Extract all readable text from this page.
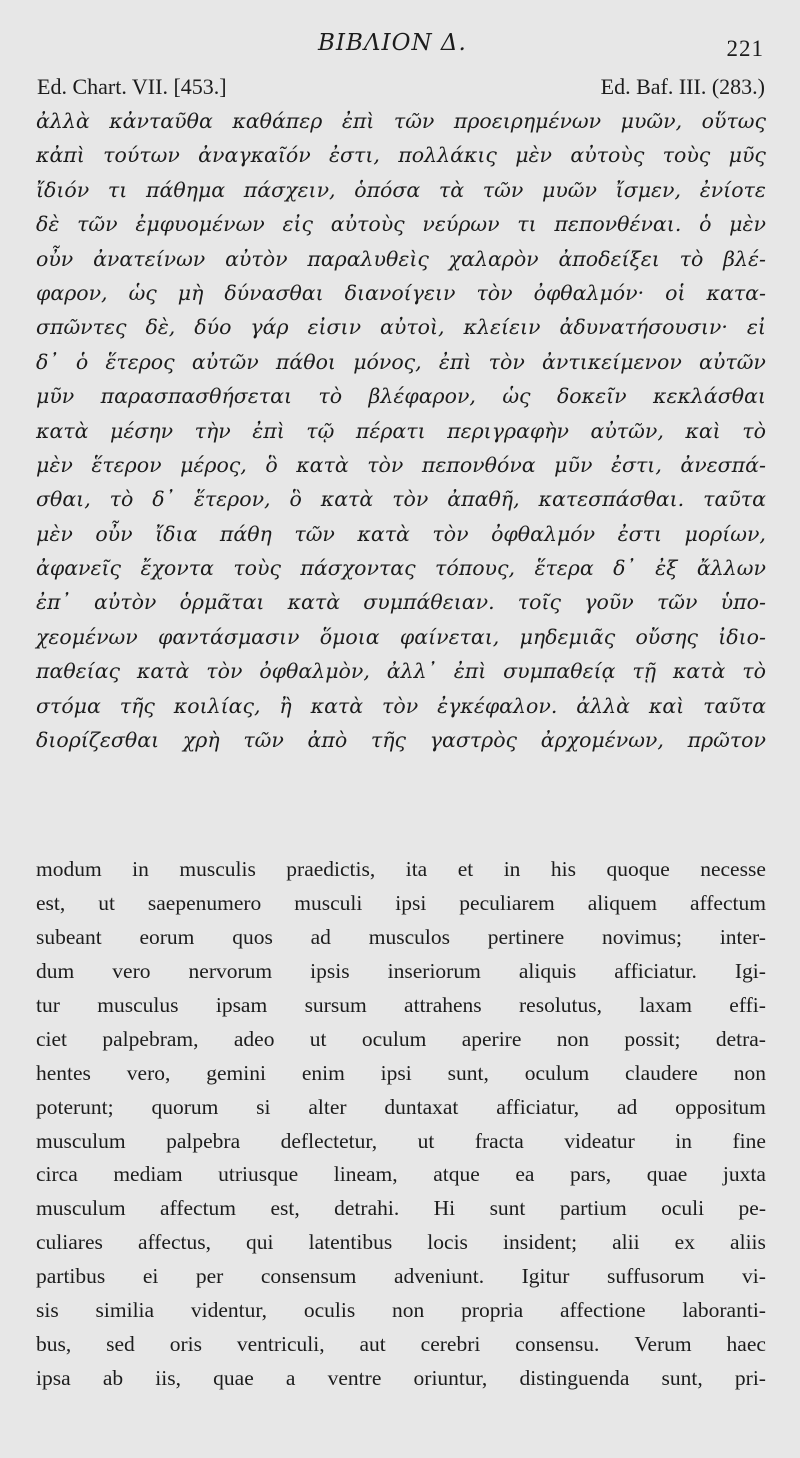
ΒΙΒΛΙΟΝ Δ.	221
Ed. Chart. VII. [453.]	Ed. Baf. III. (283.)
ἀλλὰ κἀνταῦθα καθάπερ ἐπὶ τῶν προειρημένων μυῶν, οὕτως
κἀπὶ τούτων ἀναγκαῖόν ἐστι, πολλάκις μὲν αὐτοὺς τοὺς μῦς
ἴδιόν τι πάθημα πάσχειν, ὁπόσα τὰ τῶν μυῶν ἴσμεν, ἐνίοτε
δὲ τῶν ἐμφυομένων εἰς αὐτοὺς νεύρων τι πεπονθέναι. ὁ μὲν
οὖν ἀνατείνων αὐτὸν παραλυθεὶς χαλαρὸν ἀποδείξει τὸ βλέ-
φαρον, ὡς μὴ δύνασθαι διανοίγειν τὸν ὀφθαλμόν· οἱ κατα-
σπῶντες δὲ, δύο γάρ εἰσιν αὐτοὶ, κλείειν ἀδυνατήσουσιν· εἰ
δ᾽ ὁ ἕτερος αὐτῶν πάθοι μόνος, ἐπὶ τὸν ἀντικείμενον αὐτῶν
μῦν παρασπασθήσεται τὸ βλέφαρον, ὡς δοκεῖν κεκλάσθαι
κατὰ μέσην τὴν ἐπὶ τῷ πέρατι περιγραφὴν αὐτῶν, καὶ τὸ
μὲν ἕτερον μέρος, ὃ κατὰ τὸν πεπονθόνα μῦν ἐστι, ἀνεσπά-
σθαι, τὸ δ᾽ ἕτερον, ὃ κατὰ τὸν ἀπαθῆ, κατεσπάσθαι. ταῦτα
μὲν οὖν ἴδια πάθη τῶν κατὰ τὸν ὀφθαλμόν ἐστι μορίων,
ἀφανεῖς ἔχοντα τοὺς πάσχοντας τόπους, ἕτερα δ᾽ ἐξ ἄλλων
ἐπ᾽ αὐτὸν ὁρμᾶται κατὰ συμπάθειαν. τοῖς γοῦν τῶν ὑπο-
χεομένων φαντάσμασιν ὅμοια φαίνεται, μηδεμιᾶς οὔσης ἰδιο-
παθείας κατὰ τὸν ὀφθαλμὸν, ἀλλ᾽ ἐπὶ συμπαθείᾳ τῇ κατὰ τὸ
στόμα τῆς κοιλίας, ἢ κατὰ τὸν ἐγκέφαλον. ἀλλὰ καὶ ταῦτα
διορίζεσθαι χρὴ τῶν ἀπὸ τῆς γαστρὸς ἀρχομένων, πρῶτον
modum in musculis praedictis, ita et in his quoque necesse
est, ut saepenumero musculi ipsi peculiarem aliquem affectum
subeant eorum quos ad musculos pertinere novimus; inter-
dum vero nervorum ipsis inseriorum aliquis afficiatur. Igi-
tur musculus ipsam sursum attrahens resolutus, laxam effi-
ciet palpebram, adeo ut oculum aperire non possit; detra-
hentes vero, gemini enim ipsi sunt, oculum claudere non
poterunt; quorum si alter duntaxat afficiatur, ad oppositum
musculum palpebra deflectetur, ut fracta videatur in fine
circa mediam utriusque lineam, atque ea pars, quae juxta
musculum affectum est, detrahi. Hi sunt partium oculi pe-
culiares affectus, qui latentibus locis insident; alii ex aliis
partibus ei per consensum adveniunt. Igitur suffusorum vi-
sis similia videntur, oculis non propria affectione laboranti-
bus, sed oris ventriculi, aut cerebri consensu. Verum haec
ipsa ab iis, quae a ventre oriuntur, distinguenda sunt, pri-
